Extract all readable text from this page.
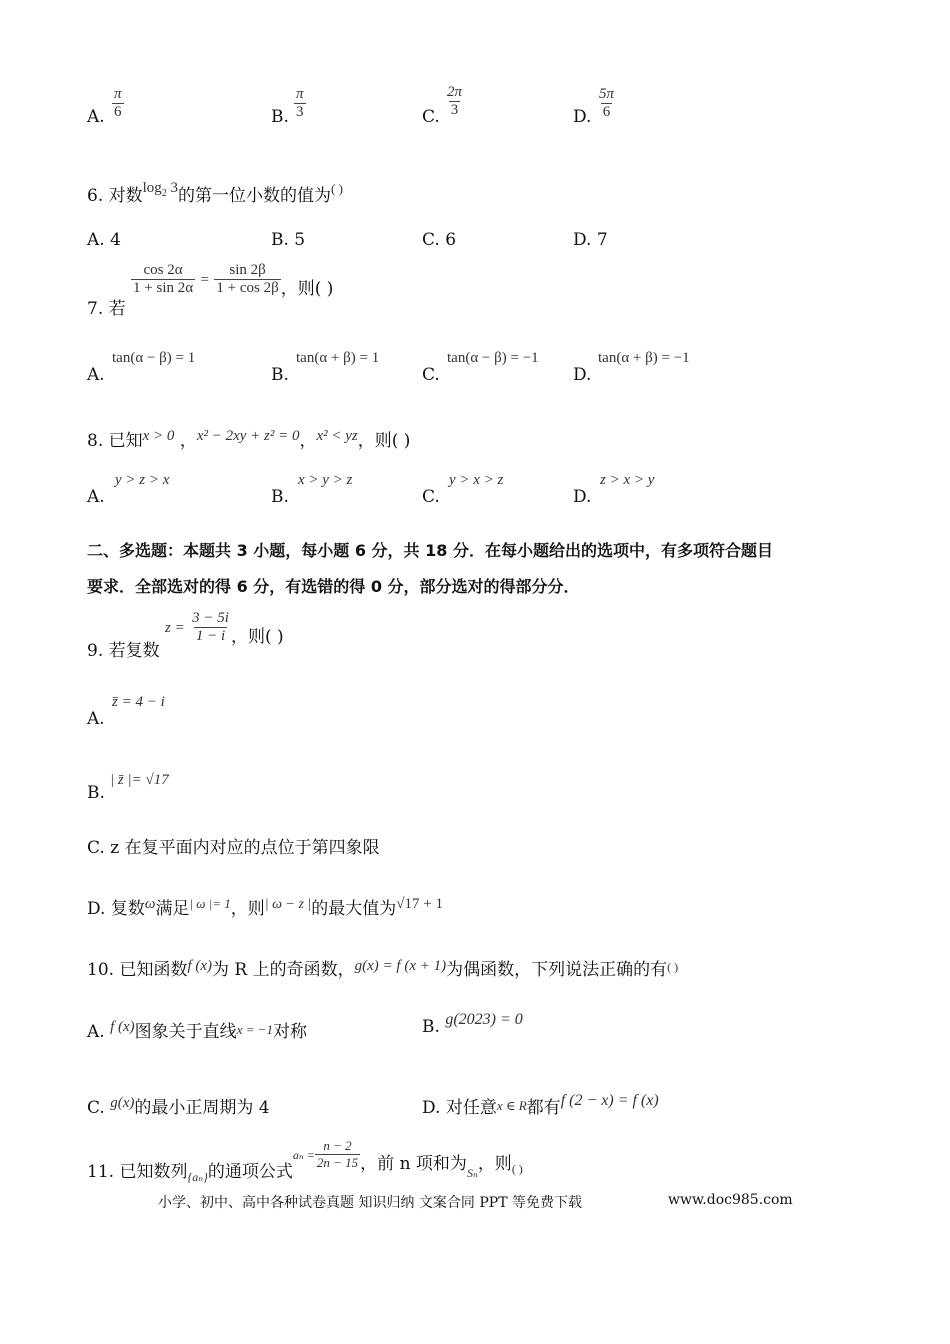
A. $\frac{\pi}{6}$	B. $\frac{\pi}{3}$	C. $\frac{2\pi}{3}$	D. $\frac{5\pi}{6}$
6. 对数$\log_2 3$的第一位小数的值为( )
A. 4	B. 5	C. 6	D. 7
7. 若
$\frac{\cos 2\alpha}{1 + \sin 2\alpha} = \frac{\sin 2\beta}{1 + \cos 2\beta}$ ，则( )
A.
tan(α − β) = 1
B.
tan(α + β) = 1
C.
tan(α − β) = −1
D.
tan(α + β) = −1
8. 已知x > 0 ，x² − 2xy + z² = 0，x² < yz，则( )
A.
y > z > x
B.
x > y > z
C.
y > x > z
D.
z > x > y
二、多选题：本题共 3 小题，每小题 6 分，共 18 分．在每小题给出的选项中，有多项符合题目
要求．全部选对的得 6 分，有选错的得 0 分，部分选对的得部分分．
9. 若复数 $z = \frac{3 - 5i}{1 - i}$ ，则( )
A.
z̄ = 4 − i
B.
| z̄ |= √17
C. z 在复平面内对应的点位于第四象限
D. 复数ω满足$^{| \omega |= 1}$，则$^{| \omega - z |}$的最大值为√17 + 1
10. 已知函数f (x)为 R 上的奇函数，g(x) = f (x + 1)为偶函数，下列说法正确的有( )
A. f (x)图象关于直线x = −1对称	B. g(2023) = 0
C. g(x)的最小正周期为 4	D. 对任意x ∈ R都有f (2 − x) = f (x)
11. 已知数列$_{\{a_n\}}$的通项公式$a_n = \frac{n - 2}{2n - 15}$ ，前 n 项和为$_{S_n}$，则$_{( )}$
小学、初中、高中各种试卷真题 知识归纳 文案合同 PPT 等免费下载	www.doc985.com
